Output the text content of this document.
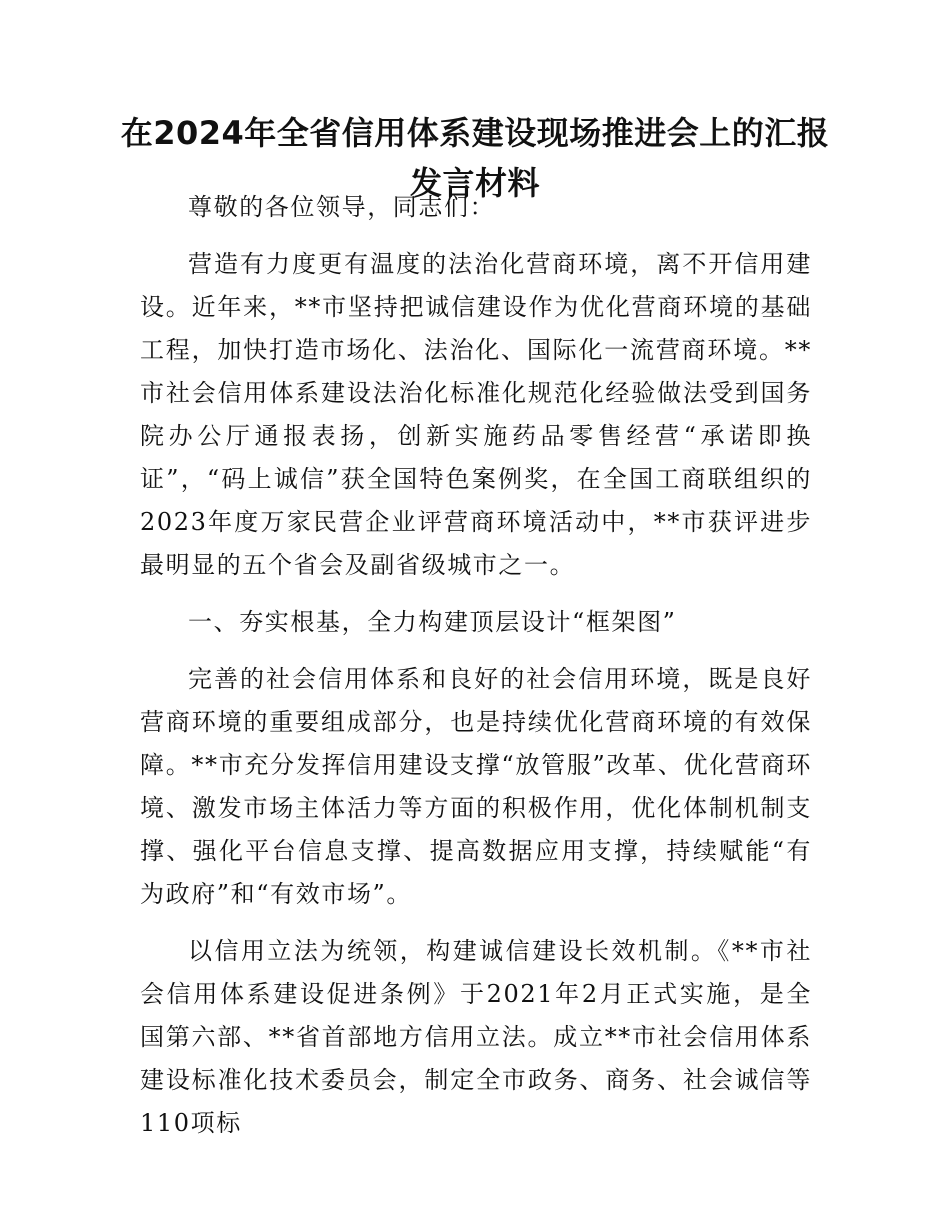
在2024年全省信用体系建设现场推进会上的汇报发言材料

尊敬的各位领导，同志们：

营造有力度更有温度的法治化营商环境，离不开信用建设。近年来，**市坚持把诚信建设作为优化营商环境的基础工程，加快打造市场化、法治化、国际化一流营商环境。**市社会信用体系建设法治化标准化规范化经验做法受到国务院办公厅通报表扬，创新实施药品零售经营“承诺即换证”，“码上诚信”获全国特色案例奖，在全国工商联组织的2023年度万家民营企业评营商环境活动中，**市获评进步最明显的五个省会及副省级城市之一。

一、夯实根基，全力构建顶层设计“框架图”

完善的社会信用体系和良好的社会信用环境，既是良好营商环境的重要组成部分，也是持续优化营商环境的有效保障。**市充分发挥信用建设支撑“放管服”改革、优化营商环境、激发市场主体活力等方面的积极作用，优化体制机制支撑、强化平台信息支撑、提高数据应用支撑，持续赋能“有为政府”和“有效市场”。

以信用立法为统领，构建诚信建设长效机制。《**市社会信用体系建设促进条例》于2021年2月正式实施，是全国第六部、**省首部地方信用立法。成立**市社会信用体系建设标准化技术委员会，制定全市政务、商务、社会诚信等110项标
